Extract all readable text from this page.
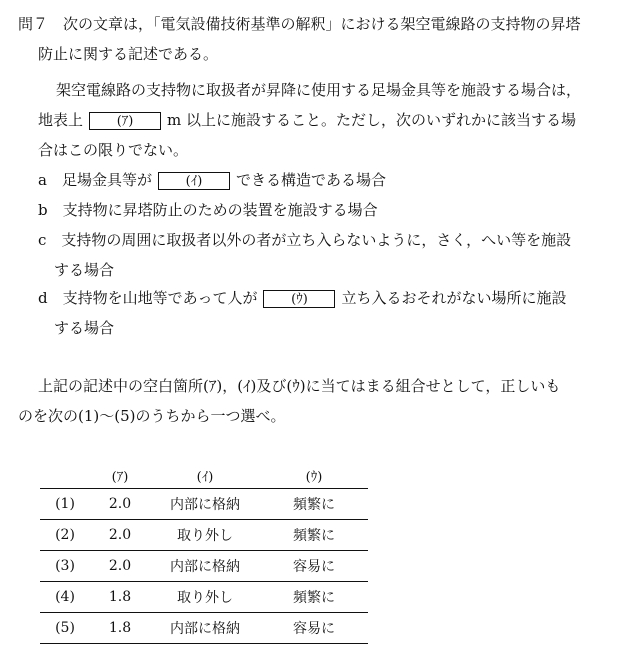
問７　次の文章は，「電気設備技術基準の解釈」における架空電線路の支持物の昇塔
防止に関する記述である。
架空電線路の支持物に取扱者が昇降に使用する足場金具等を施設する場合は，
地表上	(ｱ) m 以上に施設すること。ただし，次のいずれかに該当する場
合はこの限りでない。
a　足場金具等が	(ｲ) できる構造である場合
b　支持物に昇塔防止のための装置を施設する場合
c　支持物の周囲に取扱者以外の者が立ち入らないように，さく，へい等を施設
する場合
d　支持物を山地等であって人が	(ｳ) 立ち入るおそれがない場所に施設
する場合
上記の記述中の空白箇所(ｱ)，(ｲ)及び(ｳ)に当てはまる組合せとして，正しいも
のを次の(1)～(5)のうちから一つ選べ。
	(ｱ)	(ｲ)	(ｳ)
(1)	2.0	内部に格納	頻繁に
(2)	2.0	取り外し	頻繁に
(3)	2.0	内部に格納	容易に
(4)	1.8	取り外し	頻繁に
(5)	1.8	内部に格納	容易に
